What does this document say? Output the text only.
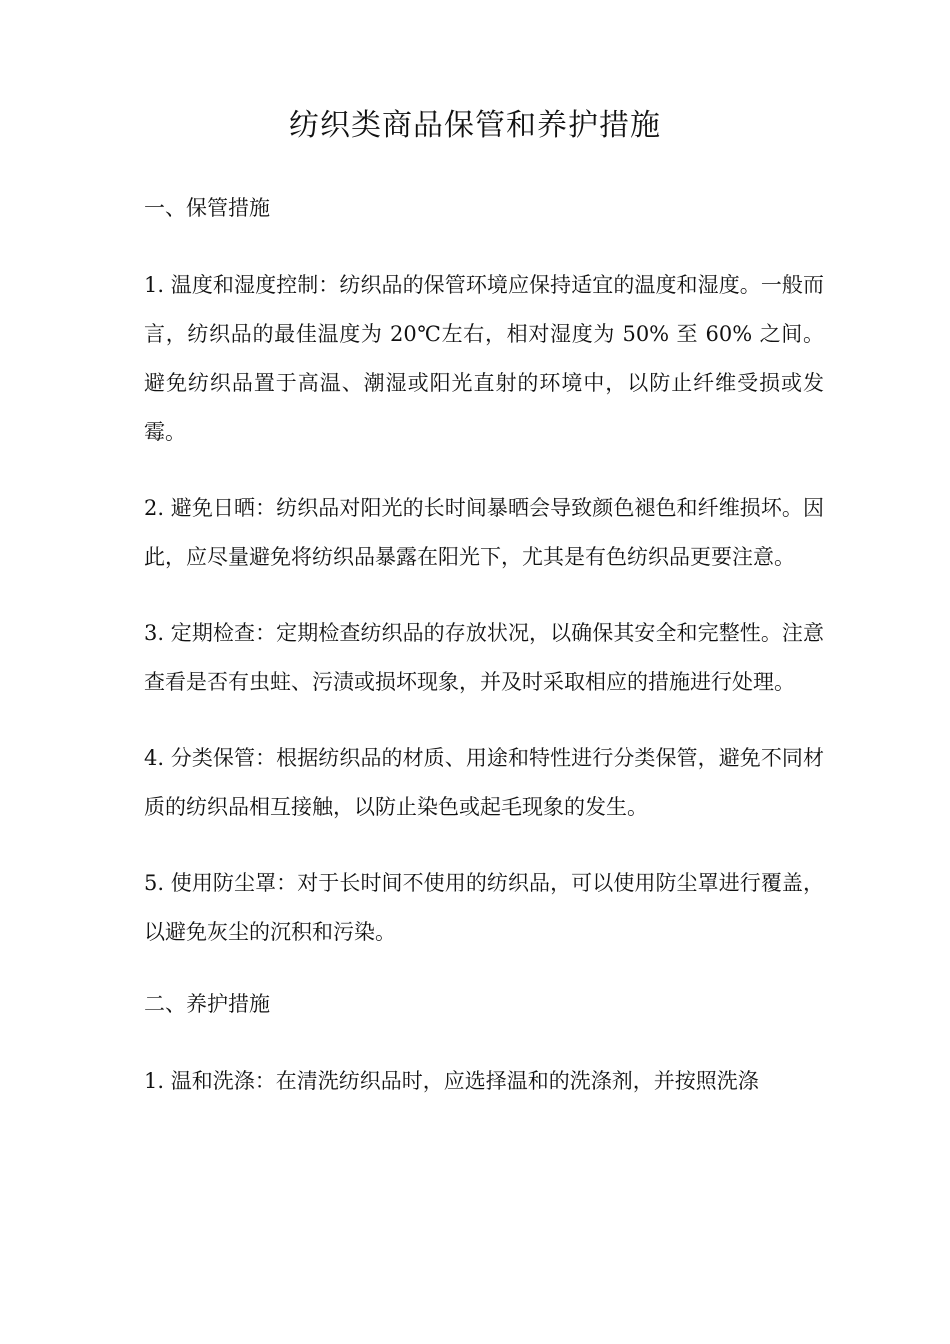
纺织类商品保管和养护措施

一、保管措施

1. 温度和湿度控制：纺织品的保管环境应保持适宜的温度和湿度。一般而言，纺织品的最佳温度为 20℃左右，相对湿度为 50% 至 60% 之间。避免纺织品置于高温、潮湿或阳光直射的环境中，以防止纤维受损或发霉。

2. 避免日晒：纺织品对阳光的长时间暴晒会导致颜色褪色和纤维损坏。因此，应尽量避免将纺织品暴露在阳光下，尤其是有色纺织品更要注意。

3. 定期检查：定期检查纺织品的存放状况，以确保其安全和完整性。注意查看是否有虫蛀、污渍或损坏现象，并及时采取相应的措施进行处理。

4. 分类保管：根据纺织品的材质、用途和特性进行分类保管，避免不同材质的纺织品相互接触，以防止染色或起毛现象的发生。

5. 使用防尘罩：对于长时间不使用的纺织品，可以使用防尘罩进行覆盖，以避免灰尘的沉积和污染。

二、养护措施

1. 温和洗涤：在清洗纺织品时，应选择温和的洗涤剂，并按照洗涤
